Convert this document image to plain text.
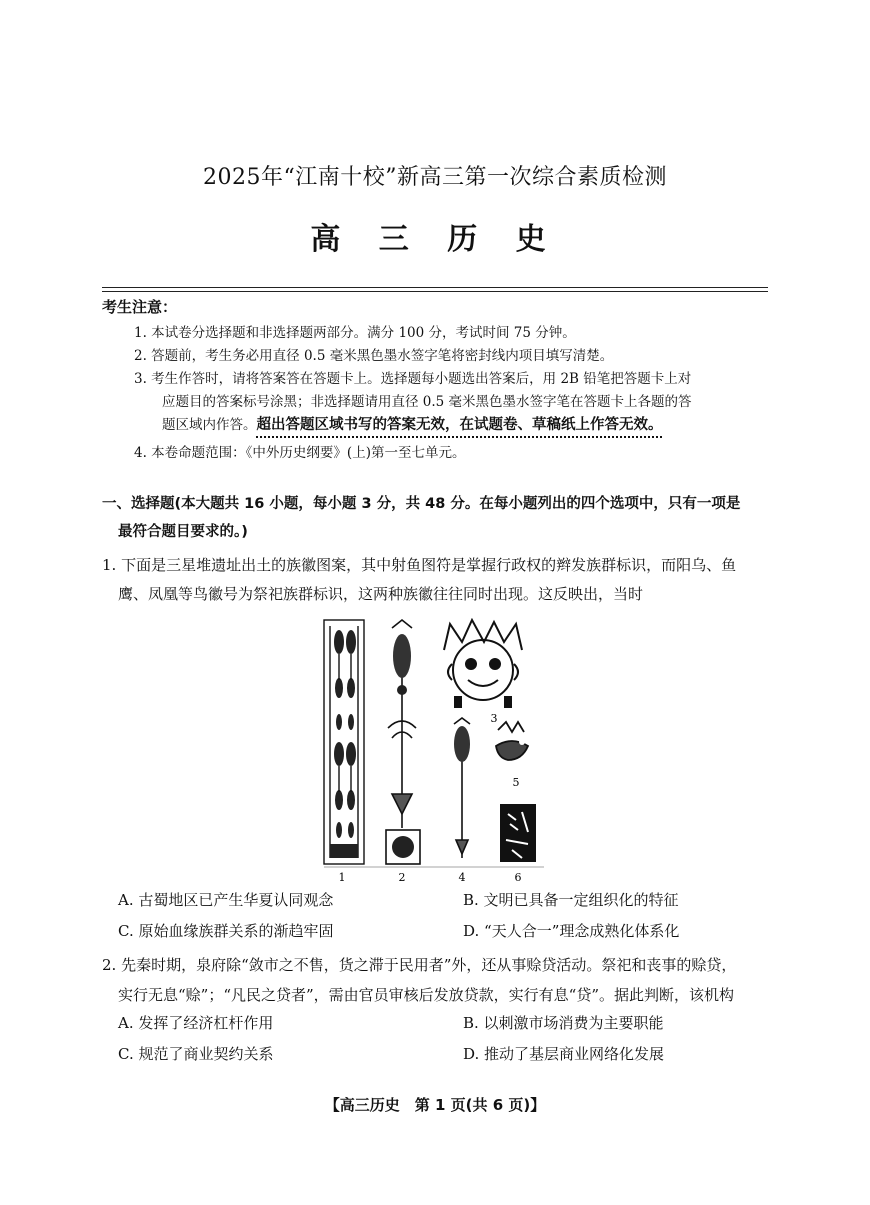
2025年“江南十校”新高三第一次综合素质检测
高 三 历 史
考生注意：
1. 本试卷分选择题和非选择题两部分。满分 100 分，考试时间 75 分钟。
2. 答题前，考生务必用直径 0.5 毫米黑色墨水签字笔将密封线内项目填写清楚。
3. 考生作答时，请将答案答在答题卡上。选择题每小题选出答案后，用 2B 铅笔把答题卡上对
应题目的答案标号涂黑；非选择题请用直径 0.5 毫米黑色墨水签字笔在答题卡上各题的答
题区域内作答。超出答题区域书写的答案无效，在试题卷、草稿纸上作答无效。
4. 本卷命题范围：《中外历史纲要》(上)第一至七单元。
一、选择题(本大题共 16 小题，每小题 3 分，共 48 分。在每小题列出的四个选项中，只有一项是
最符合题目要求的。)
1. 下面是三星堆遗址出土的族徽图案，其中射鱼图符是掌握行政权的辫发族群标识，而阳乌、鱼
鹰、凤凰等鸟徽号为祭祀族群标识，这两种族徽往往同时出现。这反映出，当时
1	2
3
4
5
6
A. 古蜀地区已产生华夏认同观念	B. 文明已具备一定组织化的特征
C. 原始血缘族群关系的渐趋牢固	D. “天人合一”理念成熟化体系化
2. 先秦时期，泉府除“敛市之不售，货之滞于民用者”外，还从事赊贷活动。祭祀和丧事的赊贷，
实行无息“赊”；“凡民之贷者”，需由官员审核后发放贷款，实行有息“贷”。据此判断，该机构
A. 发挥了经济杠杆作用	B. 以刺激市场消费为主要职能
C. 规范了商业契约关系	D. 推动了基层商业网络化发展
【高三历史　第 1 页(共 6 页)】
